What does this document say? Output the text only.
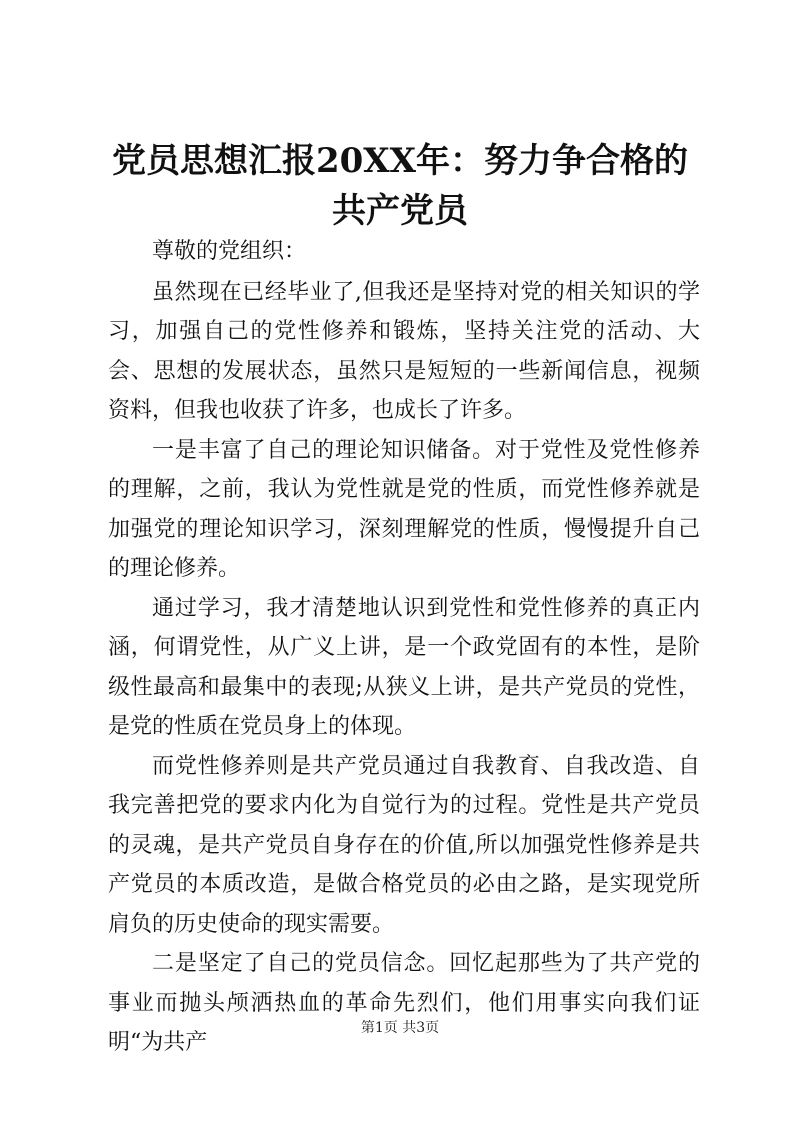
党员思想汇报20XX年：努力争合格的共产党员

尊敬的党组织：

虽然现在已经毕业了,但我还是坚持对党的相关知识的学习，加强自己的党性修养和锻炼，坚持关注党的活动、大会、思想的发展状态，虽然只是短短的一些新闻信息，视频资料，但我也收获了许多，也成长了许多。

一是丰富了自己的理论知识储备。对于党性及党性修养的理解，之前，我认为党性就是党的性质，而党性修养就是加强党的理论知识学习，深刻理解党的性质，慢慢提升自己的理论修养。

通过学习，我才清楚地认识到党性和党性修养的真正内涵，何谓党性，从广义上讲，是一个政党固有的本性，是阶级性最高和最集中的表现;从狭义上讲，是共产党员的党性，是党的性质在党员身上的体现。

而党性修养则是共产党员通过自我教育、自我改造、自我完善把党的要求内化为自觉行为的过程。党性是共产党员的灵魂，是共产党员自身存在的价值,所以加强党性修养是共产党员的本质改造，是做合格党员的必由之路，是实现党所肩负的历史使命的现实需要。

二是坚定了自己的党员信念。回忆起那些为了共产党的事业而抛头颅洒热血的革命先烈们，他们用事实向我们证明“为共产

第1页 共3页
